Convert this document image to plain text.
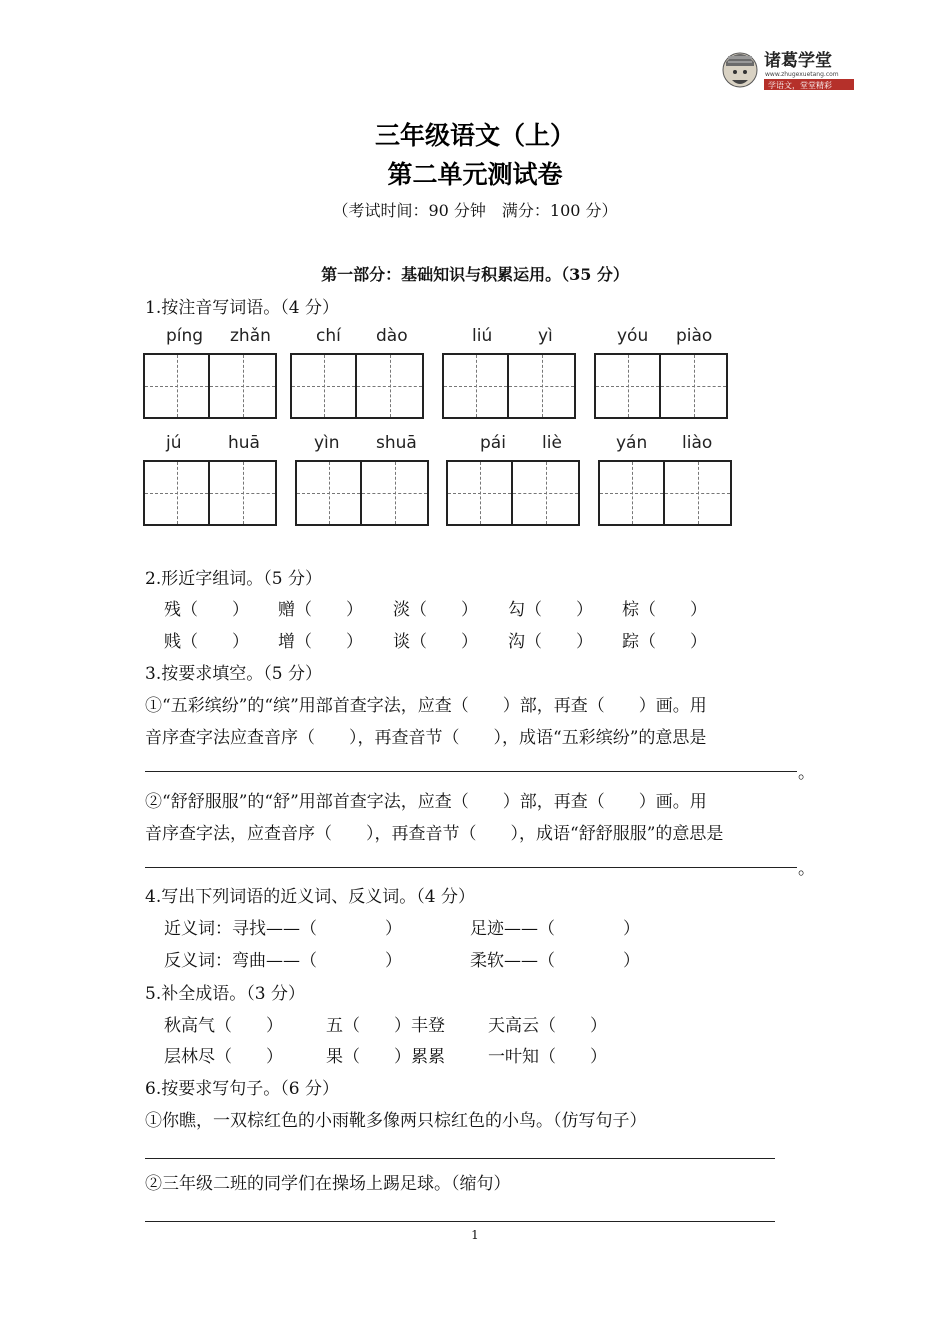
诸葛学堂
www.zhugexuetang.com
学语文，堂堂精彩
三年级语文（上）
第二单元测试卷
（考试时间：90 分钟　满分：100 分）
第一部分：基础知识与积累运用。（35 分）
1.按注音写词语。（4 分）
píng zhǎn	chí dào	liú	yì	yóu piào
jú	huā	yìn shuā	pái liè	yán liào
2.形近字组词。（5 分）
残（　　） 赠（　　） 淡（　　） 勾（　　） 棕（　　）
贱（　　） 增（　　） 谈（　　） 沟（　　） 踪（　　）
3.按要求填空。（5 分）
①“五彩缤纷”的“缤”用部首查字法，应查（　　）部，再查（　　）画。用
音序查字法应查音序（　　），再查音节（　　），成语“五彩缤纷”的意思是
。
②“舒舒服服”的“舒”用部首查字法，应查（　　）部，再查（　　）画。用
音序查字法，应查音序（　　），再查音节（　　），成语“舒舒服服”的意思是
。
4.写出下列词语的近义词、反义词。（4 分）
近义词：寻找——（　　　　）	足迹——（　　　　）
反义词：弯曲——（　　　　）	柔软——（　　　　）
5.补全成语。（3 分）
秋高气（　　）	五（　　）丰登	天高云（　　）
层林尽（　　）	果（　　）累累	一叶知（　　）
6.按要求写句子。（6 分）
①你瞧，一双棕红色的小雨靴多像两只棕红色的小鸟。（仿写句子）
②三年级二班的同学们在操场上踢足球。（缩句）
1
